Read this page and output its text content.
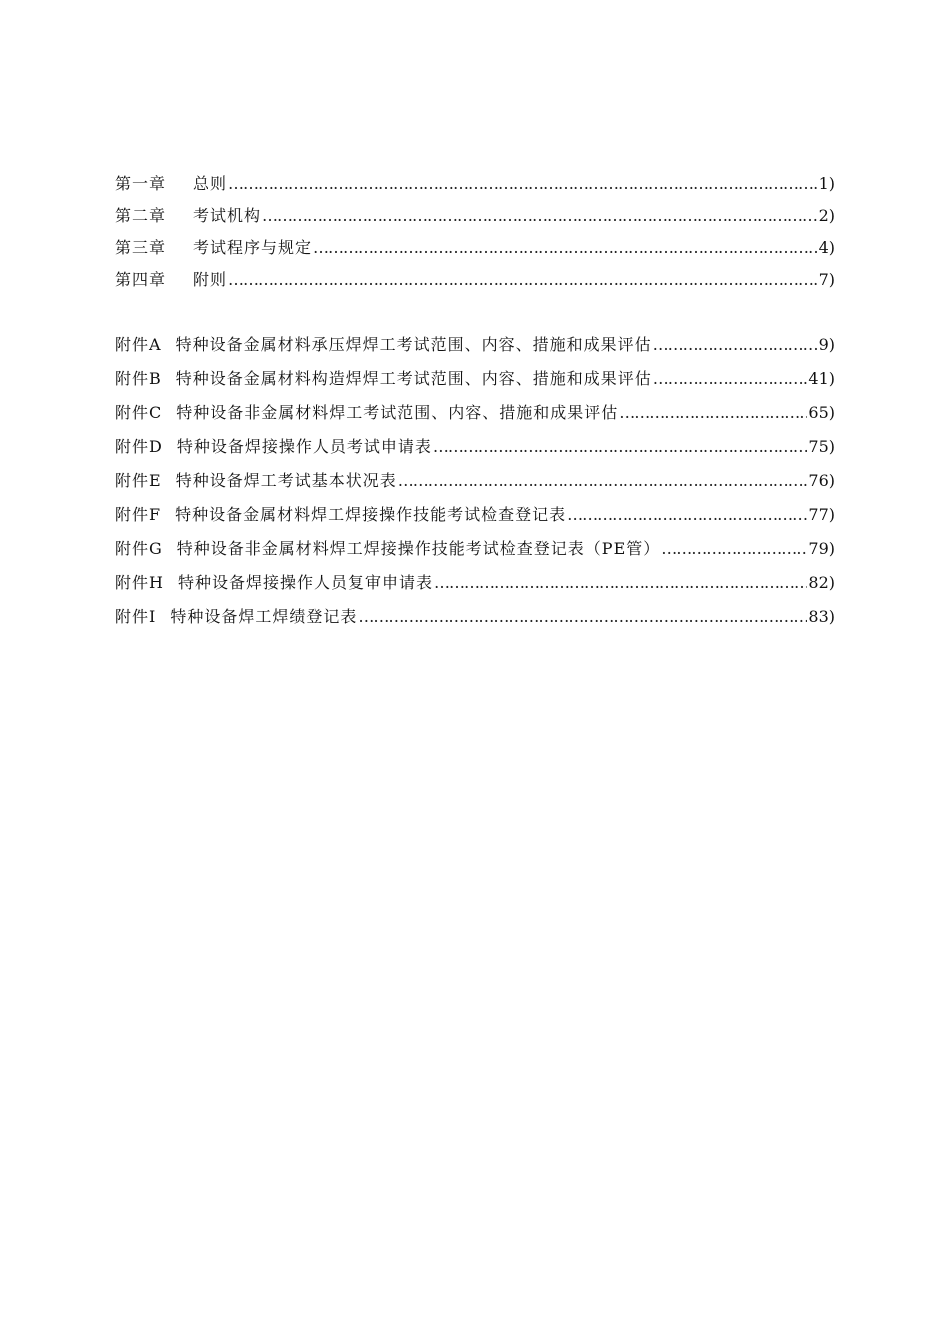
第一章	总则 …………………………………………………………………………………………………………………………………………………………………	1)
第二章	考试机构 …………………………………………………………………………………………………………………………………………………………………	2)
第三章	考试程序与规定 …………………………………………………………………………………………………………………………………………………………………	4)
第四章	附则 …………………………………………………………………………………………………………………………………………………………………	7)
附件A 特种设备金属材料承压焊焊工考试范围、内容、措施和成果评估 …………………………………………………………………………………………………………………………………………………………………	9)
附件B 特种设备金属材料构造焊焊工考试范围、内容、措施和成果评估 …………………………………………………………………………………………………………………………………………………………………	41)
附件C 特种设备非金属材料焊工考试范围、内容、措施和成果评估 …………………………………………………………………………………………………………………………………………………………………	65)
附件D 特种设备焊接操作人员考试申请表 …………………………………………………………………………………………………………………………………………………………………	75)
附件E 特种设备焊工考试基本状况表 …………………………………………………………………………………………………………………………………………………………………	76)
附件F 特种设备金属材料焊工焊接操作技能考试检查登记表 …………………………………………………………………………………………………………………………………………………………………	77)
附件G 特种设备非金属材料焊工焊接操作技能考试检查登记表（PE管） …………………………………………………………………………………………………………………………………………………………………	79)
附件H 特种设备焊接操作人员复审申请表 …………………………………………………………………………………………………………………………………………………………………	82)
附件I 特种设备焊工焊绩登记表 …………………………………………………………………………………………………………………………………………………………………	83)
